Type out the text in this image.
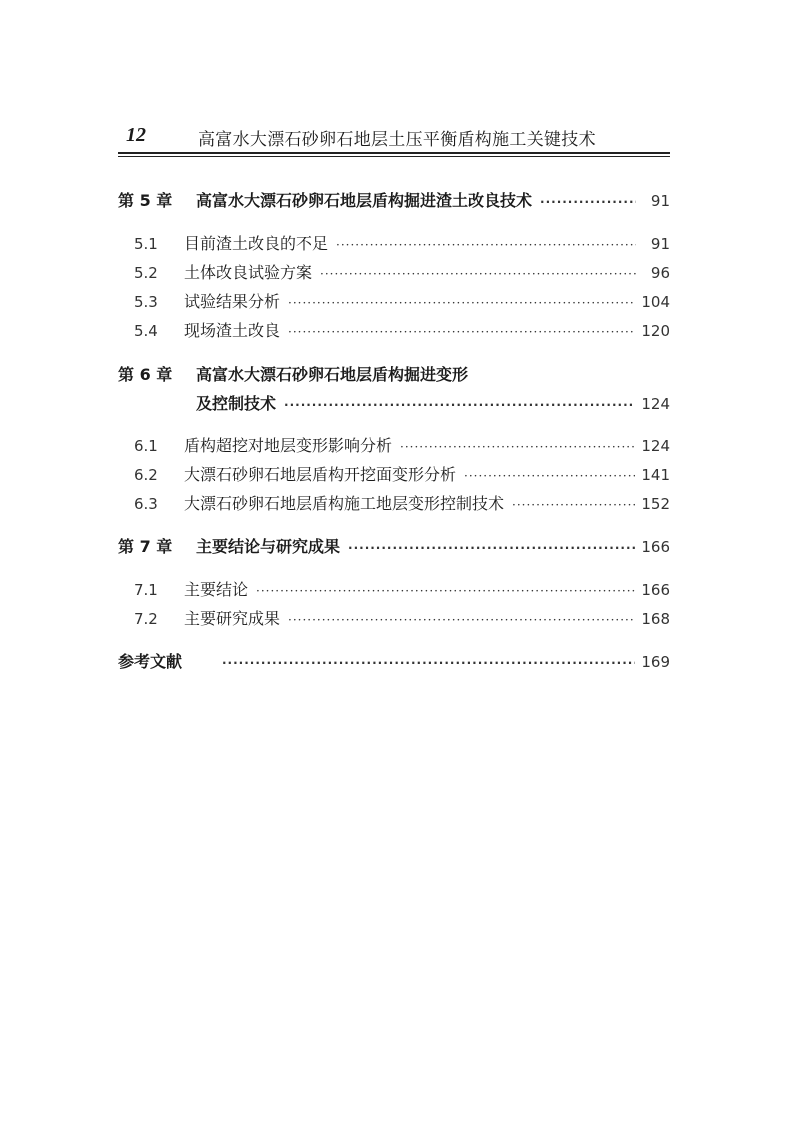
12	高富水大漂石砂卵石地层土压平衡盾构施工关键技术
第 5 章	高富水大漂石砂卵石地层盾构掘进渣土改良技术 ·····	91
5.1	目前渣土改良的不足 ·····	91
5.2	土体改良试验方案 ·····	96
5.3	试验结果分析 ·····	104
5.4	现场渣土改良 ·····	120
第 6 章	高富水大漂石砂卵石地层盾构掘进变形
及控制技术 ·····	124
6.1	盾构超挖对地层变形影响分析 ·····	124
6.2	大漂石砂卵石地层盾构开挖面变形分析 ·····	141
6.3	大漂石砂卵石地层盾构施工地层变形控制技术 ·····	152
第 7 章	主要结论与研究成果 ·····	166
7.1	主要结论 ·····	166
7.2	主要研究成果 ·····	168
参考文献 ·····	169
